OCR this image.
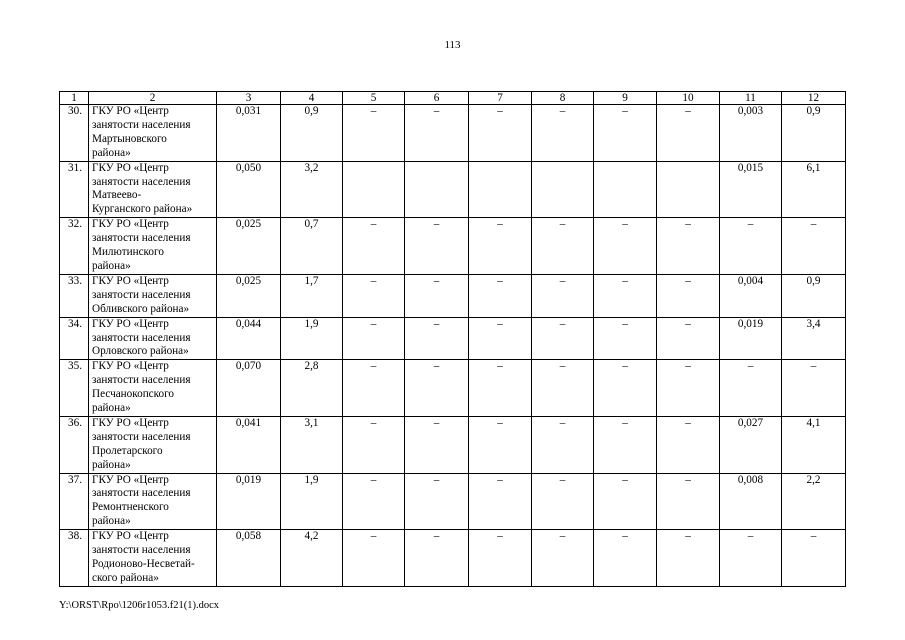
113
1	2	3	4	5	6	7	8	9	10	11	12
30.	ГКУ РО «Центр
занятости населения
Мартыновского
района»	0,031	0,9	–	–	–	–	–	–	0,003	0,9
31.	ГКУ РО «Центр
занятости населения
Матвеево-
Курганского района»	0,050	3,2							0,015	6,1
32.	ГКУ РО «Центр
занятости населения
Милютинского
района»	0,025	0,7	–	–	–	–	–	–	–	–
33.	ГКУ РО «Центр
занятости населения
Обливского района»	0,025	1,7	–	–	–	–	–	–	0,004	0,9
34.	ГКУ РО «Центр
занятости населения
Орловского района»	0,044	1,9	–	–	–	–	–	–	0,019	3,4
35.	ГКУ РО «Центр
занятости населения
Песчанокопского
района»	0,070	2,8	–	–	–	–	–	–	–	–
36.	ГКУ РО «Центр
занятости населения
Пролетарского
района»	0,041	3,1	–	–	–	–	–	–	0,027	4,1
37.	ГКУ РО «Центр
занятости населения
Ремонтненского
района»	0,019	1,9	–	–	–	–	–	–	0,008	2,2
38.	ГКУ РО «Центр
занятости населения
Родионово-Несветай-
ского района»	0,058	4,2	–	–	–	–	–	–	–	–
Y:\ORST\Rpo\1206r1053.f21(1).docx
